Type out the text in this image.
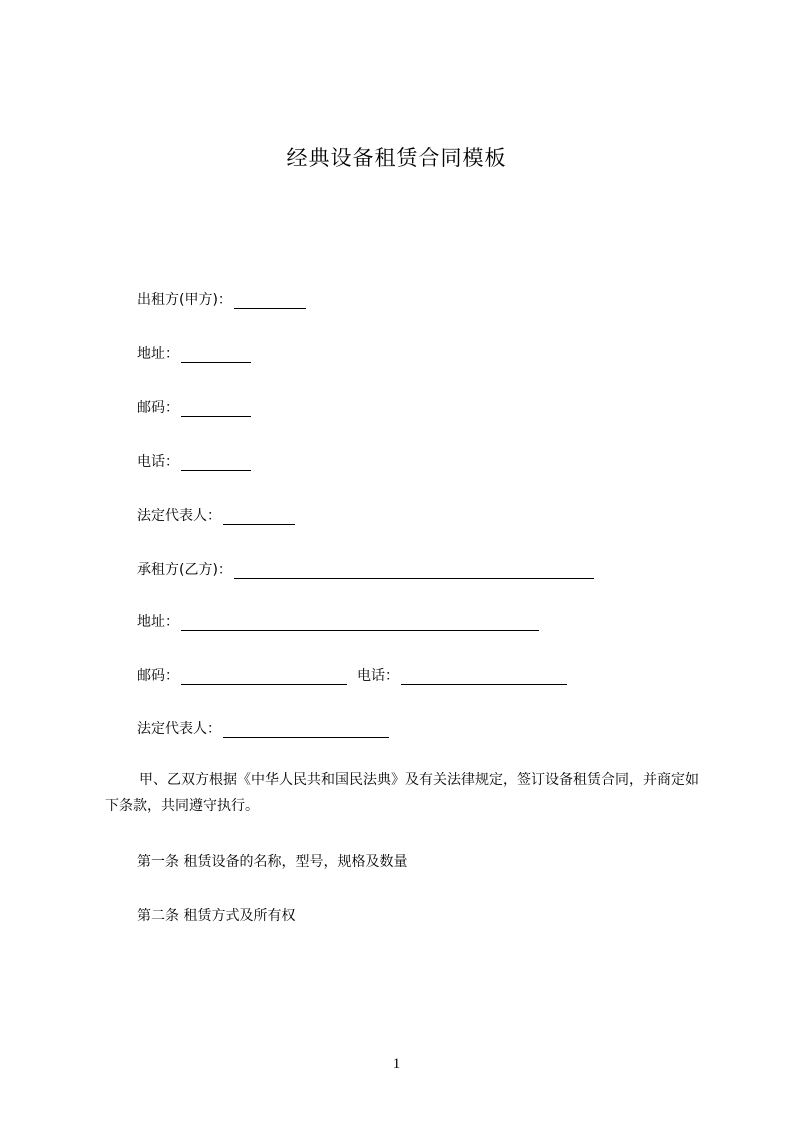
经典设备租赁合同模板
出租方(甲方)：
地址：
邮码：
电话：
法定代表人：
承租方(乙方)：
地址：
邮码：	电话：
法定代表人：
甲、乙双方根据《中华人民共和国民法典》及有关法律规定，签订设备租赁合同，并商定如下条款，共同遵守执行。
第一条 租赁设备的名称，型号，规格及数量
第二条 租赁方式及所有权
1
